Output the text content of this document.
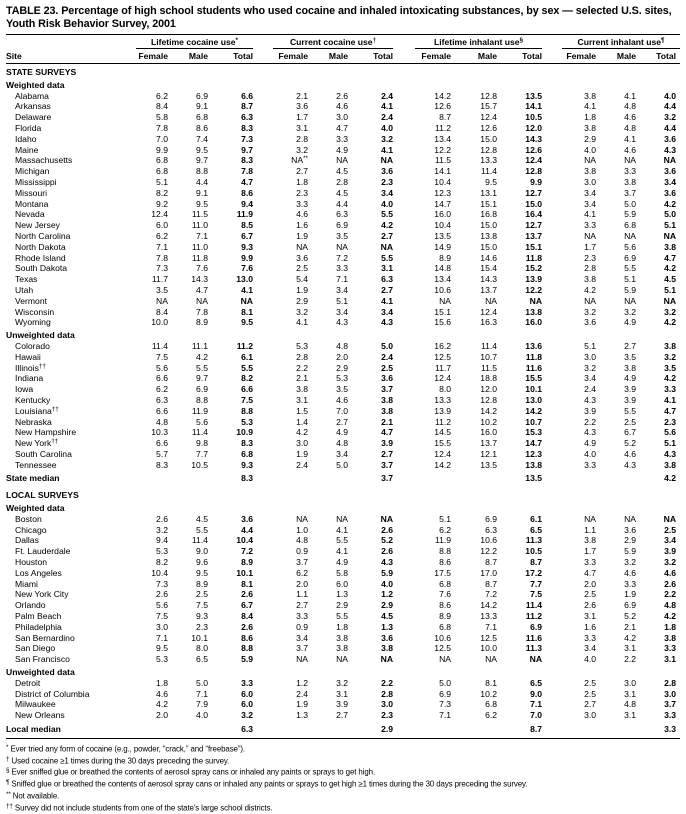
TABLE 23. Percentage of high school students who used cocaine and inhaled intoxicating substances, by sex — selected U.S. sites, Youth Risk Behavior Survey, 2001

	Lifetime cocaine use*			Current cocaine use†			Lifetime inhalant use§			Current inhalant use¶

Site	Female	Male	Total	Female	Male	Total	Female	Male	Total	Female	Male	Total
STATE SURVEYS												
Weighted data												
Alabama	6.2	6.9	6.6	2.1	2.6	2.4	14.2	12.8	13.5	3.8	4.1	4.0
Arkansas	8.4	9.1	8.7	3.6	4.6	4.1	12.6	15.7	14.1	4.1	4.8	4.4
Delaware	5.8	6.8	6.3	1.7	3.0	2.4	8.7	12.4	10.5	1.8	4.6	3.2
Florida	7.8	8.6	8.3	3.1	4.7	4.0	11.2	12.6	12.0	3.8	4.8	4.4
Idaho	7.0	7.4	7.3	2.8	3.3	3.2	13.4	15.0	14.3	2.9	4.1	3.6
Maine	9.9	9.5	9.7	3.2	4.9	4.1	12.2	12.8	12.6	4.0	4.6	4.3
Massachusetts	6.8	9.7	8.3	NA**	NA	NA	11.5	13.3	12.4	NA	NA	NA
Michigan	6.8	8.8	7.8	2.7	4.5	3.6	14.1	11.4	12.8	3.8	3.3	3.6
Mississippi	5.1	4.4	4.7	1.8	2.8	2.3	10.4	9.5	9.9	3.0	3.8	3.4
Missouri	8.2	9.1	8.6	2.3	4.5	3.4	12.3	13.1	12.7	3.4	3.7	3.6
Montana	9.2	9.5	9.4	3.3	4.4	4.0	14.7	15.1	15.0	3.4	5.0	4.2
Nevada	12.4	11.5	11.9	4.6	6.3	5.5	16.0	16.8	16.4	4.1	5.9	5.0
New Jersey	6.0	11.0	8.5	1.6	6.9	4.2	10.4	15.0	12.7	3.3	6.8	5.1
North Carolina	6.2	7.1	6.7	1.9	3.5	2.7	13.5	13.8	13.7	NA	NA	NA
North Dakota	7.1	11.0	9.3	NA	NA	NA	14.9	15.0	15.1	1.7	5.6	3.8
Rhode Island	7.8	11.8	9.9	3.6	7.2	5.5	8.9	14.6	11.8	2.3	6.9	4.7
South Dakota	7.3	7.6	7.6	2.5	3.3	3.1	14.8	15.4	15.2	2.8	5.5	4.2
Texas	11.7	14.3	13.0	5.4	7.1	6.3	13.4	14.3	13.9	3.8	5.1	4.5
Utah	3.5	4.7	4.1	1.9	3.4	2.7	10.6	13.7	12.2	4.2	5.9	5.1
Vermont	NA	NA	NA	2.9	5.1	4.1	NA	NA	NA	NA	NA	NA
Wisconsin	8.4	7.8	8.1	3.2	3.4	3.4	15.1	12.4	13.8	3.2	3.2	3.2
Wyoming	10.0	8.9	9.5	4.1	4.3	4.3	15.6	16.3	16.0	3.6	4.9	4.2
Unweighted data												
Colorado	11.4	11.1	11.2	5.3	4.8	5.0	16.2	11.4	13.6	5.1	2.7	3.8
Hawaii	7.5	4.2	6.1	2.8	2.0	2.4	12.5	10.7	11.8	3.0	3.5	3.2
Illinois††	5.6	5.5	5.5	2.2	2.9	2.5	11.7	11.5	11.6	3.2	3.8	3.5
Indiana	6.6	9.7	8.2	2.1	5.3	3.6	12.4	18.8	15.5	3.4	4.9	4.2
Iowa	6.2	6.9	6.6	3.8	3.5	3.7	8.0	12.0	10.1	2.4	3.9	3.3
Kentucky	6.3	8.8	7.5	3.1	4.6	3.8	13.3	12.8	13.0	4.3	3.9	4.1
Louisiana††	6.6	11.9	8.8	1.5	7.0	3.8	13.9	14.2	14.2	3.9	5.5	4.7
Nebraska	4.8	5.6	5.3	1.4	2.7	2.1	11.2	10.2	10.7	2.2	2.5	2.3
New Hampshire	10.3	11.4	10.9	4.2	4.9	4.7	14.5	16.0	15.3	4.3	6.7	5.6
New York††	6.6	9.8	8.3	3.0	4.8	3.9	15.5	13.7	14.7	4.9	5.2	5.1
South Carolina	5.7	7.7	6.8	1.9	3.4	2.7	12.4	12.1	12.3	4.0	4.6	4.3
Tennessee	8.3	10.5	9.3	2.4	5.0	3.7	14.2	13.5	13.8	3.3	4.3	3.8
State median			8.3			3.7			13.5			4.2
LOCAL SURVEYS												
Weighted data												
Boston	2.6	4.5	3.6	NA	NA	NA	5.1	6.9	6.1	NA	NA	NA
Chicago	3.2	5.5	4.4	1.0	4.1	2.6	6.2	6.3	6.5	1.1	3.6	2.5
Dallas	9.4	11.4	10.4	4.8	5.5	5.2	11.9	10.6	11.3	3.8	2.9	3.4
Ft. Lauderdale	5.3	9.0	7.2	0.9	4.1	2.6	8.8	12.2	10.5	1.7	5.9	3.9
Houston	8.2	9.6	8.9	3.7	4.9	4.3	8.6	8.7	8.7	3.3	3.2	3.2
Los Angeles	10.4	9.5	10.1	6.2	5.8	5.9	17.5	17.0	17.2	4.7	4.6	4.6
Miami	7.3	8.9	8.1	2.0	6.0	4.0	6.8	8.7	7.7	2.0	3.3	2.6
New York City	2.6	2.5	2.6	1.1	1.3	1.2	7.6	7.2	7.5	2.5	1.9	2.2
Orlando	5.6	7.5	6.7	2.7	2.9	2.9	8.6	14.2	11.4	2.6	6.9	4.8
Palm Beach	7.5	9.3	8.4	3.3	5.5	4.5	8.9	13.3	11.2	3.1	5.2	4.2
Philadelphia	3.0	2.3	2.6	0.9	1.8	1.3	6.8	7.1	6.9	1.6	2.1	1.8
San Bernardino	7.1	10.1	8.6	3.4	3.8	3.6	10.6	12.5	11.6	3.3	4.2	3.8
San Diego	9.5	8.0	8.8	3.7	3.8	3.8	12.5	10.0	11.3	3.4	3.1	3.3
San Francisco	5.3	6.5	5.9	NA	NA	NA	NA	NA	NA	4.0	2.2	3.1
Unweighted data												
Detroit	1.8	5.0	3.3	1.2	3.2	2.2	5.0	8.1	6.5	2.5	3.0	2.8
District of Columbia	4.6	7.1	6.0	2.4	3.1	2.8	6.9	10.2	9.0	2.5	3.1	3.0
Milwaukee	4.2	7.9	6.0	1.9	3.9	3.0	7.3	6.8	7.1	2.7	4.8	3.7
New Orleans	2.0	4.0	3.2	1.3	2.7	2.3	7.1	6.2	7.0	3.0	3.1	3.3
Local median			6.3			2.9			8.7			3.3
* Ever tried any form of cocaine (e.g., powder, “crack,” and “freebase”).
† Used cocaine ≥1 times during the 30 days preceding the survey.
§ Ever sniffed glue or breathed the contents of aerosol spray cans or inhaled any paints or sprays to get high.
¶ Sniffed glue or breathed the contents of aerosol spray cans or inhaled any paints or sprays to get high ≥1 times during the 30 days preceding the survey.
** Not available.
†† Survey did not include students from one of the state's large school districts.
